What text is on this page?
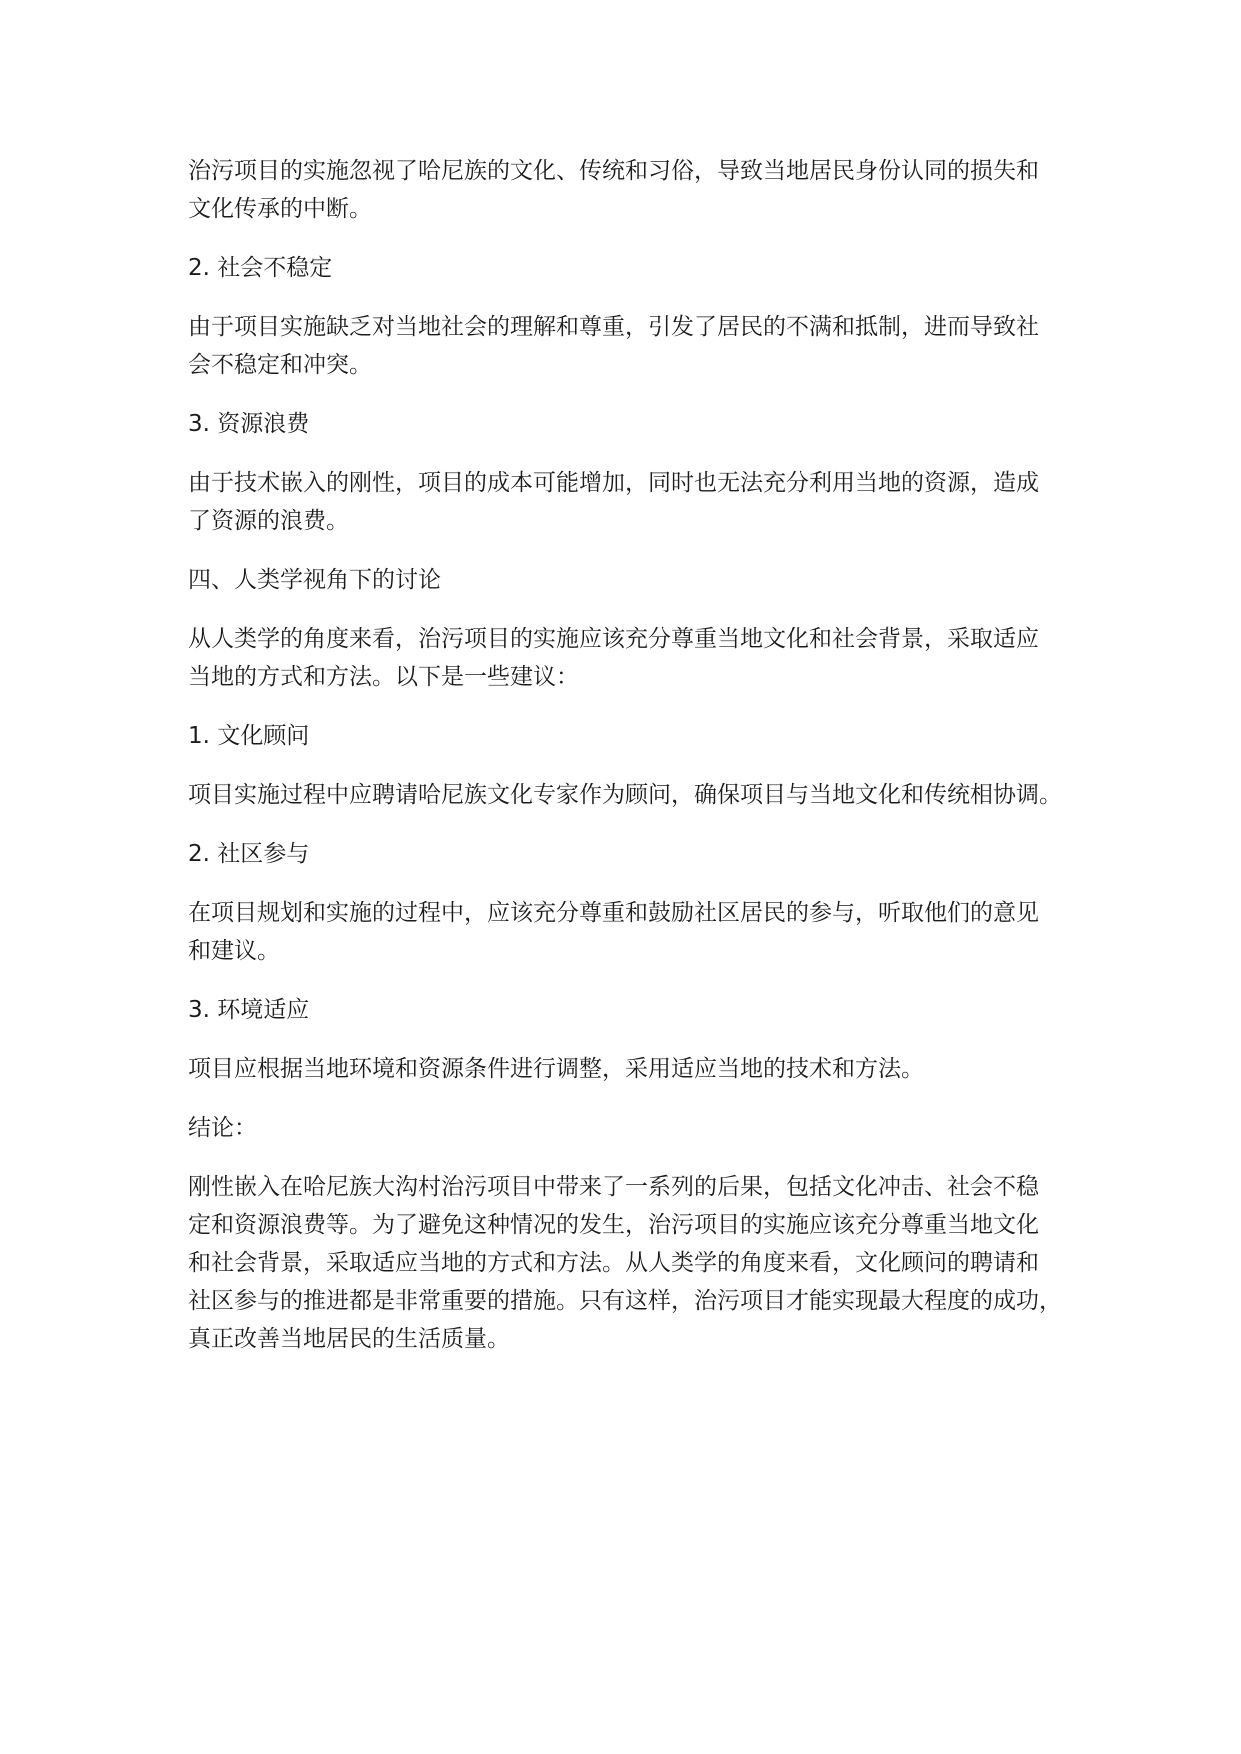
治污项目的实施忽视了哈尼族的文化、传统和习俗，导致当地居民身份认同的损失和
文化传承的中断。

2. 社会不稳定

由于项目实施缺乏对当地社会的理解和尊重，引发了居民的不满和抵制，进而导致社
会不稳定和冲突。

3. 资源浪费

由于技术嵌入的刚性，项目的成本可能增加，同时也无法充分利用当地的资源，造成
了资源的浪费。

四、人类学视角下的讨论

从人类学的角度来看，治污项目的实施应该充分尊重当地文化和社会背景，采取适应
当地的方式和方法。以下是一些建议：

1. 文化顾问

项目实施过程中应聘请哈尼族文化专家作为顾问，确保项目与当地文化和传统相协调。

2. 社区参与

在项目规划和实施的过程中，应该充分尊重和鼓励社区居民的参与，听取他们的意见
和建议。

3. 环境适应

项目应根据当地环境和资源条件进行调整，采用适应当地的技术和方法。

结论：

刚性嵌入在哈尼族大沟村治污项目中带来了一系列的后果，包括文化冲击、社会不稳
定和资源浪费等。为了避免这种情况的发生，治污项目的实施应该充分尊重当地文化
和社会背景，采取适应当地的方式和方法。从人类学的角度来看，文化顾问的聘请和
社区参与的推进都是非常重要的措施。只有这样，治污项目才能实现最大程度的成功，
真正改善当地居民的生活质量。
